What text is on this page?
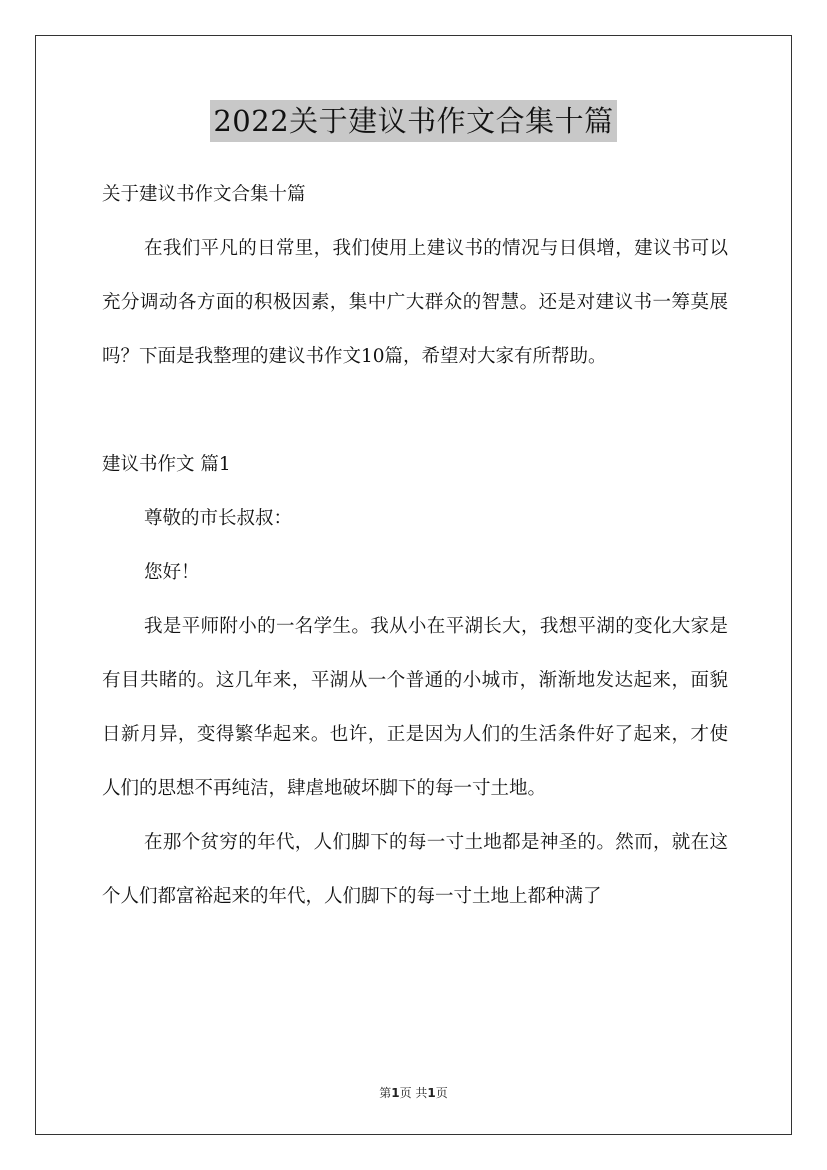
2022关于建议书作文合集十篇

关于建议书作文合集十篇

在我们平凡的日常里，我们使用上建议书的情况与日俱增，建议书可以充分调动各方面的积极因素，集中广大群众的智慧。还是对建议书一筹莫展吗？下面是我整理的建议书作文10篇，希望对大家有所帮助。

建议书作文 篇1

尊敬的市长叔叔：

您好！

我是平师附小的一名学生。我从小在平湖长大，我想平湖的变化大家是有目共睹的。这几年来，平湖从一个普通的小城市，渐渐地发达起来，面貌日新月异，变得繁华起来。也许，正是因为人们的生活条件好了起来，才使人们的思想不再纯洁，肆虐地破坏脚下的每一寸土地。

在那个贫穷的年代，人们脚下的每一寸土地都是神圣的。然而，就在这个人们都富裕起来的年代，人们脚下的每一寸土地上都种满了

第1页 共1页
